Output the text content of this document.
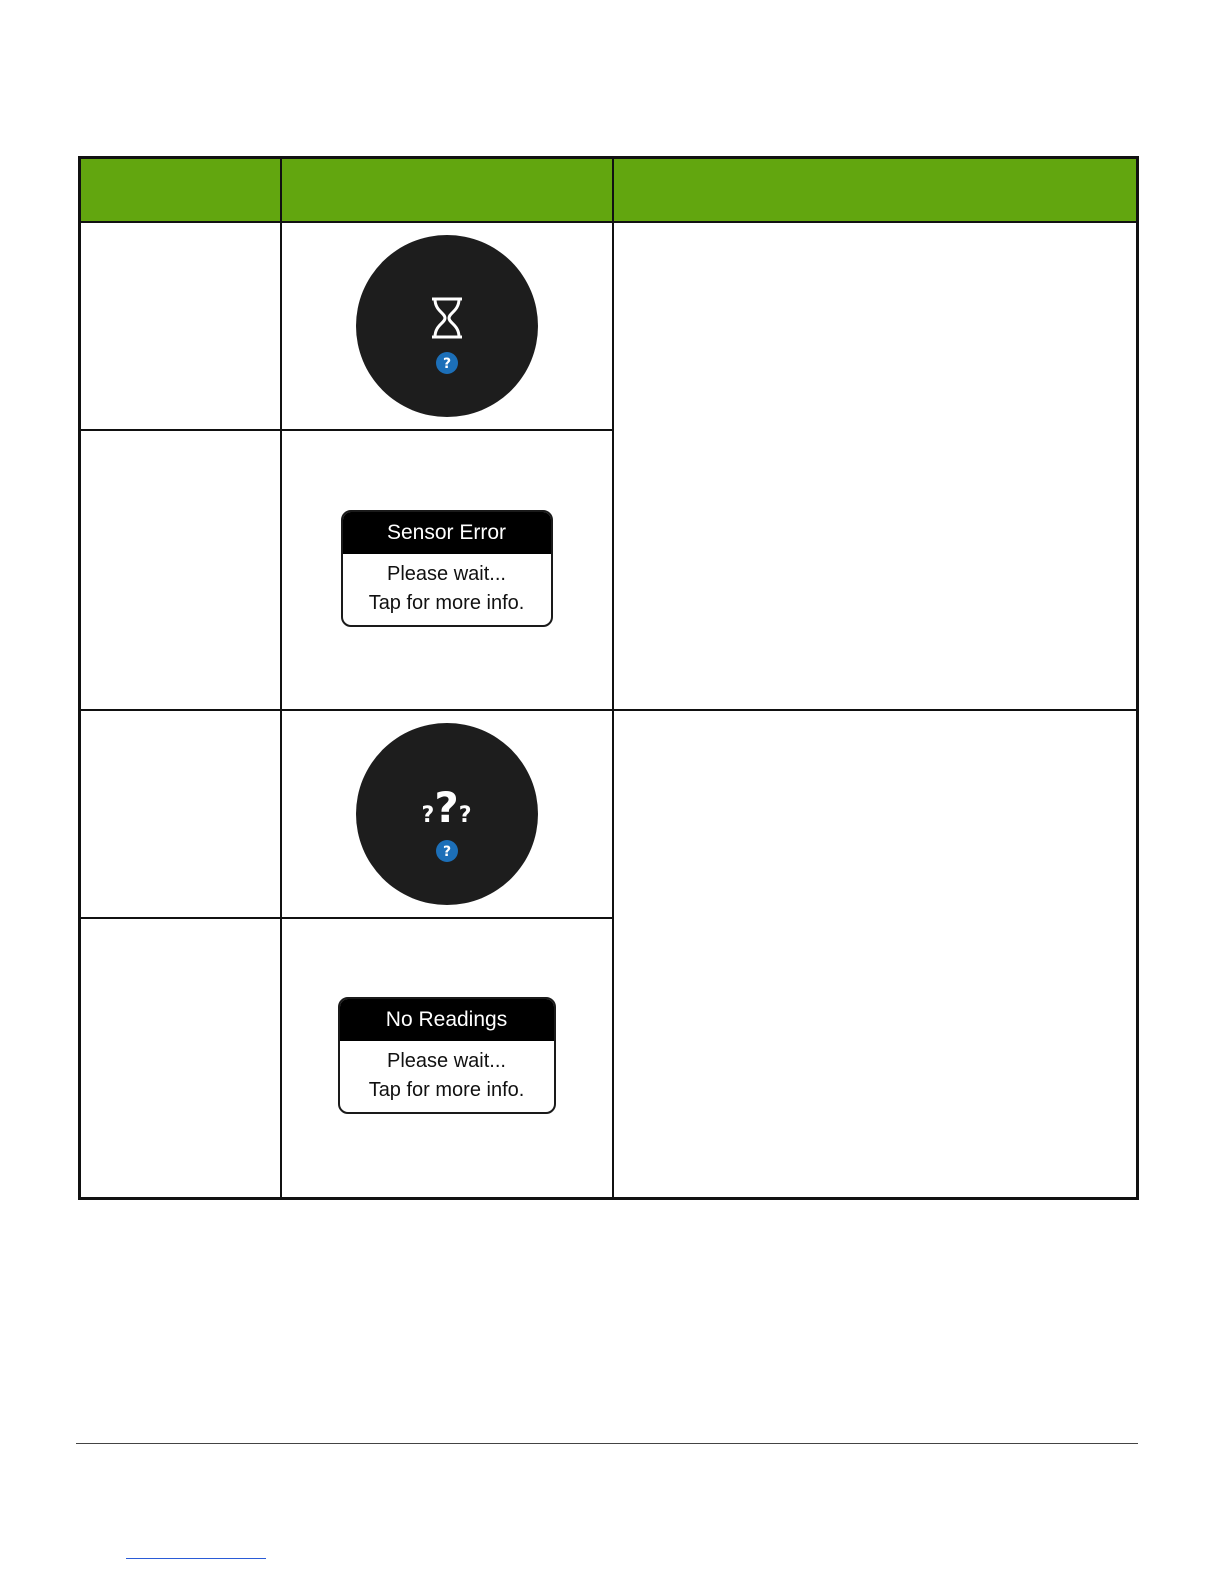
?	

	Sensor Error
Please wait...
Tap for more info.	

	???
?	

	No Readings
Please wait...
Tap for more info.	
